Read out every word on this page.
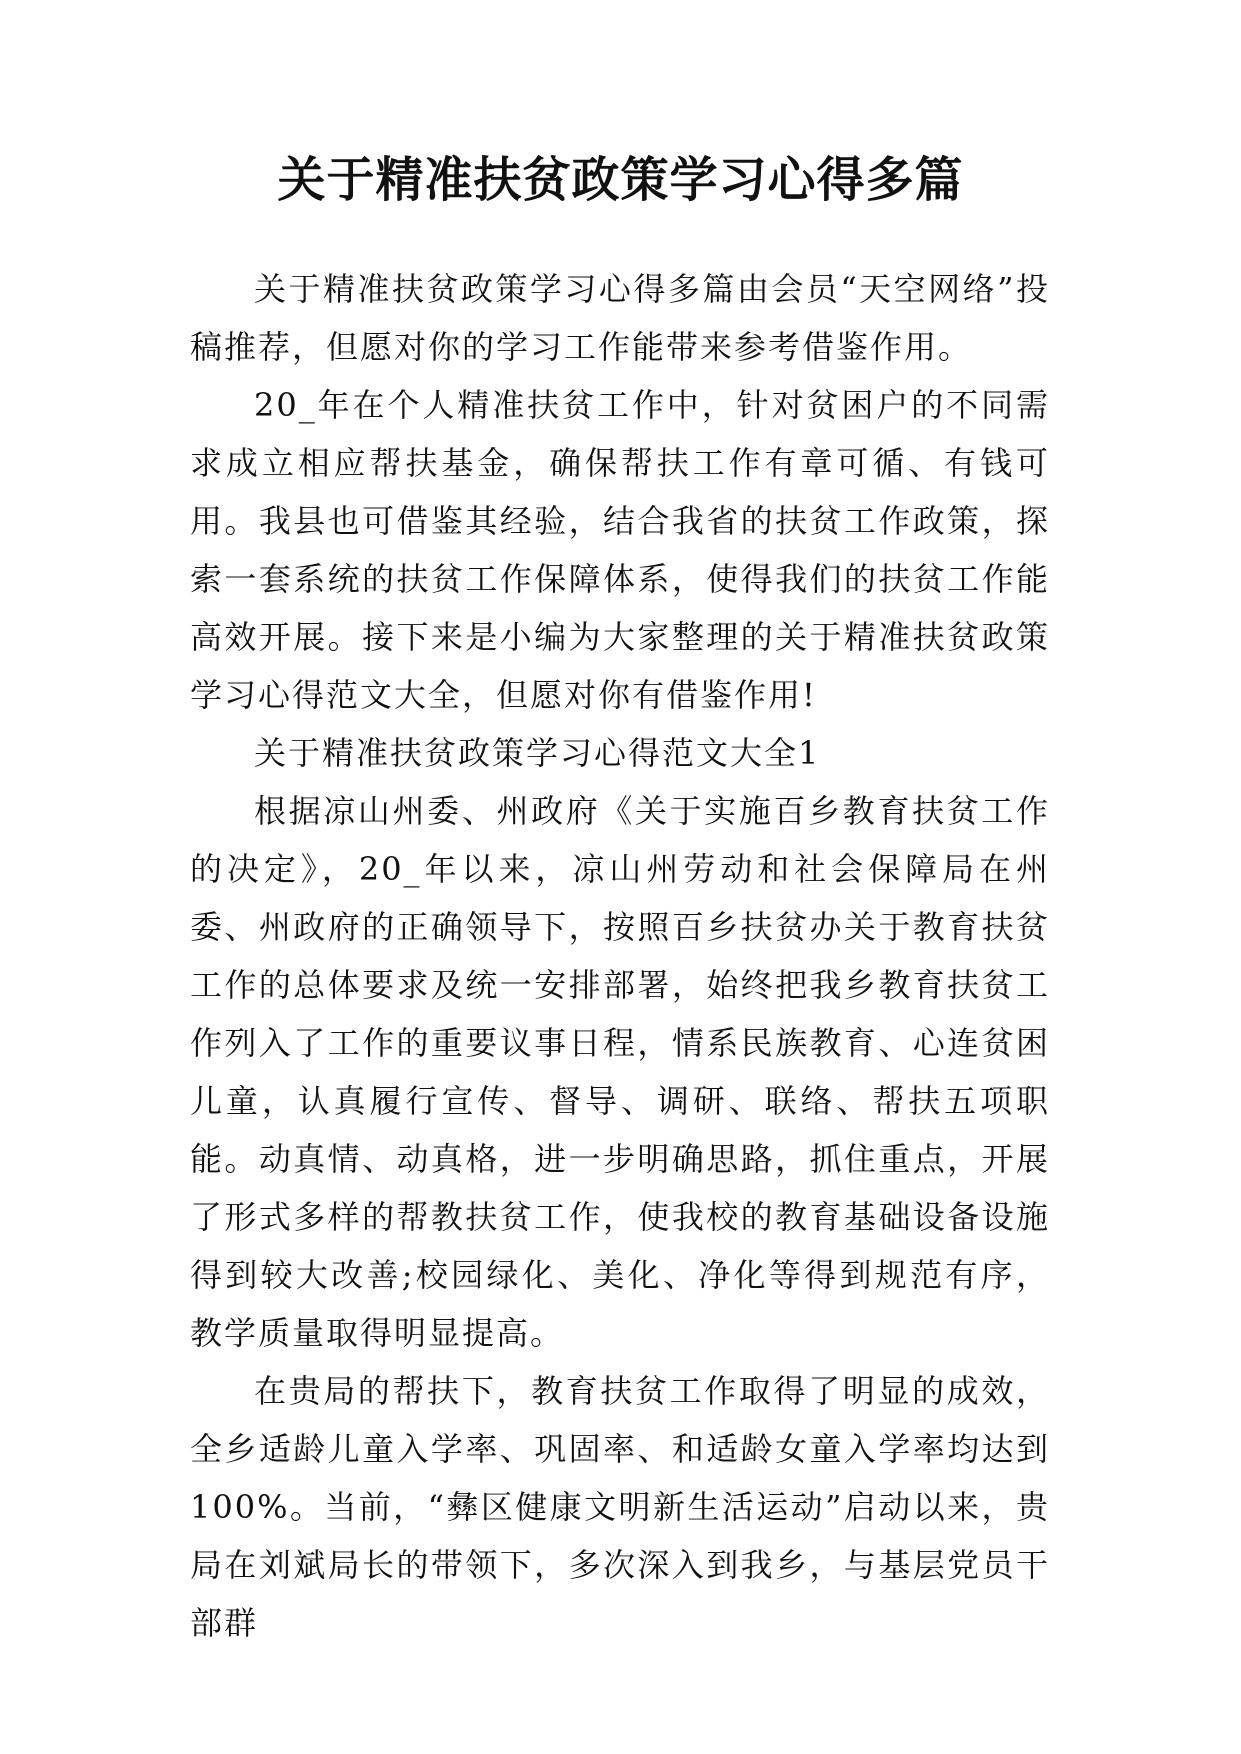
关于精准扶贫政策学习心得多篇

关于精准扶贫政策学习心得多篇由会员“天空网络”投稿推荐，但愿对你的学习工作能带来参考借鉴作用。

20_年在个人精准扶贫工作中，针对贫困户的不同需求成立相应帮扶基金，确保帮扶工作有章可循、有钱可用。我县也可借鉴其经验，结合我省的扶贫工作政策，探索一套系统的扶贫工作保障体系，使得我们的扶贫工作能高效开展。接下来是小编为大家整理的关于精准扶贫政策学习心得范文大全，但愿对你有借鉴作用!

关于精准扶贫政策学习心得范文大全1

根据凉山州委、州政府《关于实施百乡教育扶贫工作的决定》，20_年以来，凉山州劳动和社会保障局在州委、州政府的正确领导下，按照百乡扶贫办关于教育扶贫工作的总体要求及统一安排部署，始终把我乡教育扶贫工作列入了工作的重要议事日程，情系民族教育、心连贫困儿童，认真履行宣传、督导、调研、联络、帮扶五项职能。动真情、动真格，进一步明确思路，抓住重点，开展了形式多样的帮教扶贫工作，使我校的教育基础设备设施得到较大改善;校园绿化、美化、净化等得到规范有序，教学质量取得明显提高。

在贵局的帮扶下，教育扶贫工作取得了明显的成效，全乡适龄儿童入学率、巩固率、和适龄女童入学率均达到100%。当前，“彝区健康文明新生活运动”启动以来，贵局在刘斌局长的带领下，多次深入到我乡，与基层党员干部群
